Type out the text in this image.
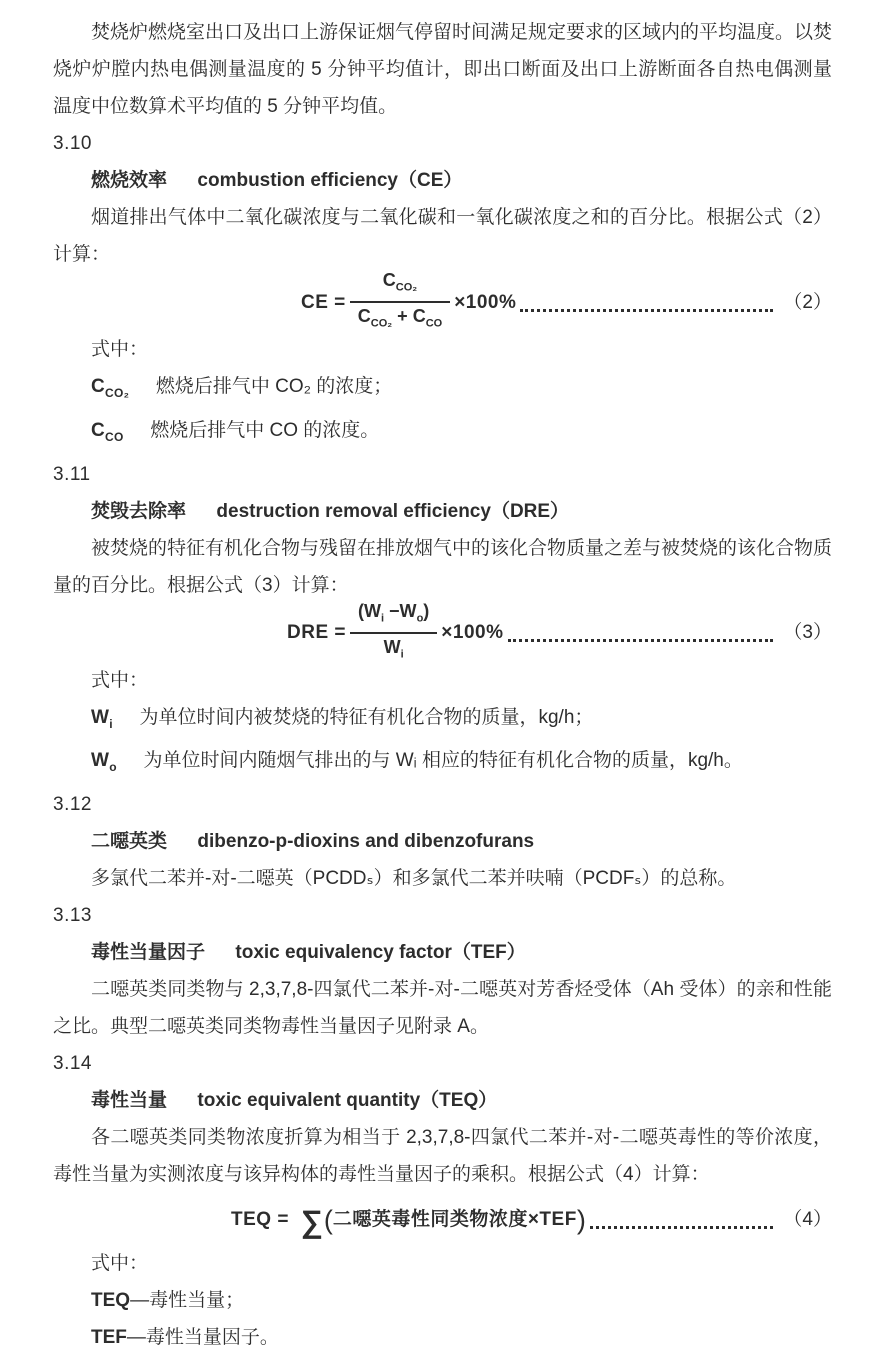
焚烧炉燃烧室出口及出口上游保证烟气停留时间满足规定要求的区域内的平均温度。以焚烧炉炉膛内热电偶测量温度的 5 分钟平均值计，即出口断面及出口上游断面各自热电偶测量温度中位数算术平均值的 5 分钟平均值。

3.10
燃烧效率 combustion efficiency（CE）

烟道排出气体中二氧化碳浓度与二氧化碳和一氧化碳浓度之和的百分比。根据公式（2）计算：

CE = $\frac{C_{CO_2}}{C_{CO_2} + C_{CO}} \times 100\%$	（2）
式中：
$C_{CO_2}$ 燃烧后排气中 CO₂ 的浓度；
$C_{CO}$ 燃烧后排气中 CO 的浓度。
3.11
焚毁去除率 destruction removal efficiency（DRE）

被焚烧的特征有机化合物与残留在排放烟气中的该化合物质量之差与被焚烧的该化合物质量的百分比。根据公式（3）计算：

DRE = $\frac{(W_i -W_o)}{W_i} \times 100\%$	（3）
式中：
$W_i$ 为单位时间内被焚烧的特征有机化合物的质量，kg/h；
$W_o$ 为单位时间内随烟气排出的与 Wᵢ 相应的特征有机化合物的质量，kg/h。
3.12
二噁英类 dibenzo-p-dioxins and dibenzofurans

多氯代二苯并-对-二噁英（PCDDₛ）和多氯代二苯并呋喃（PCDFₛ）的总称。

3.13
毒性当量因子 toxic equivalency factor（TEF）

二噁英类同类物与 2,3,7,8-四氯代二苯并-对-二噁英对芳香烃受体（Ah 受体）的亲和性能之比。典型二噁英类同类物毒性当量因子见附录 A。

3.14
毒性当量 toxic equivalent quantity（TEQ）

各二噁英类同类物浓度折算为相当于 2,3,7,8-四氯代二苯并-对-二噁英毒性的等价浓度，毒性当量为实测浓度与该异构体的毒性当量因子的乘积。根据公式（4）计算：

TEQ = ∑ ( 二噁英毒性同类物浓度×TEF )	（4）
式中：
TEQ—毒性当量；
TEF—毒性当量因子。
